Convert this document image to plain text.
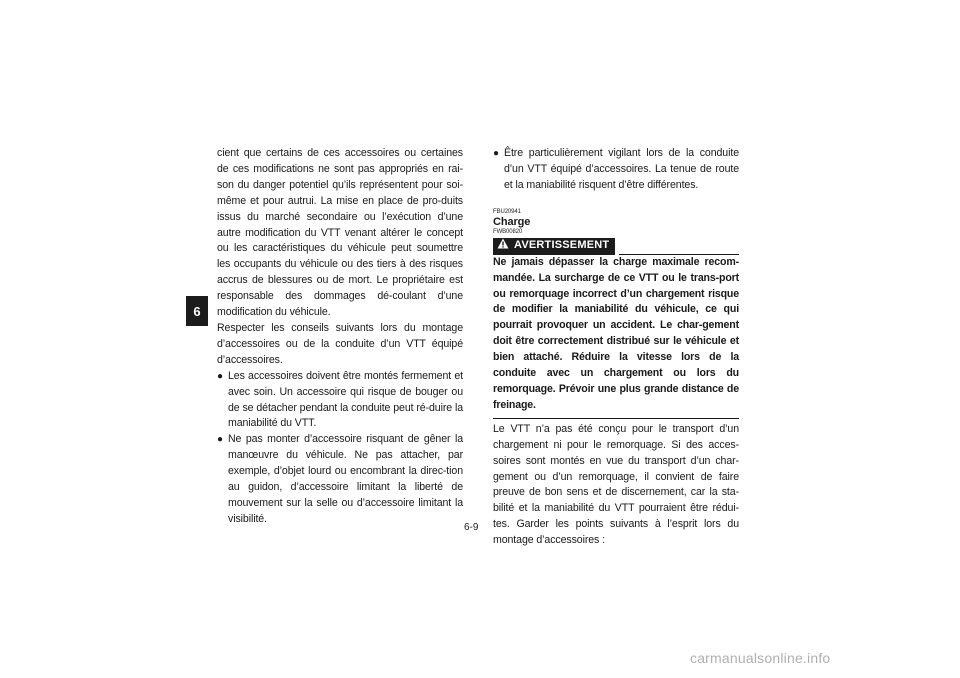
6

cient que certains de ces accessoires ou certaines de ces modifications ne sont pas appropriés en rai-son du danger potentiel qu’ils représentent pour soi-même et pour autrui. La mise en place de pro-duits issus du marché secondaire ou l’exécution d’une autre modification du VTT venant altérer le concept ou les caractéristiques du véhicule peut soumettre les occupants du véhicule ou des tiers à des risques accrus de blessures ou de mort. Le propriétaire est responsable des dommages dé-coulant d’une modification du véhicule.

Respecter les conseils suivants lors du montage d’accessoires ou de la conduite d’un VTT équipé d’accessoires.

● Les accessoires doivent être montés fermement et avec soin. Un accessoire qui risque de bouger ou de se détacher pendant la conduite peut ré-duire la maniabilité du VTT.

● Ne pas monter d’accessoire risquant de gêner la manœuvre du véhicule. Ne pas attacher, par exemple, d’objet lourd ou encombrant la direc-tion au guidon, d’accessoire limitant la liberté de mouvement sur la selle ou d’accessoire limitant la visibilité.

● Être particulièrement vigilant lors de la conduite d’un VTT équipé d’accessoires. La tenue de route et la maniabilité risquent d’être différentes.

FBU20941

Charge

FWB00820

AVERTISSEMENT

Ne jamais dépasser la charge maximale recom-mandée. La surcharge de ce VTT ou le trans-port ou remorquage incorrect d’un chargement risque de modifier la maniabilité du véhicule, ce qui pourrait provoquer un accident. Le char-gement doit être correctement distribué sur le véhicule et bien attaché. Réduire la vitesse lors de la conduite avec un chargement ou lors du remorquage. Prévoir une plus grande distance de freinage.

Le VTT n’a pas été conçu pour le transport d’un chargement ni pour le remorquage. Si des acces-soires sont montés en vue du transport d’un char-gement ou d’un remorquage, il convient de faire preuve de bon sens et de discernement, car la sta-bilité et la maniabilité du VTT pourraient être rédui-tes. Garder les points suivants à l’esprit lors du montage d’accessoires :

6-9
carmanualsonline.info
